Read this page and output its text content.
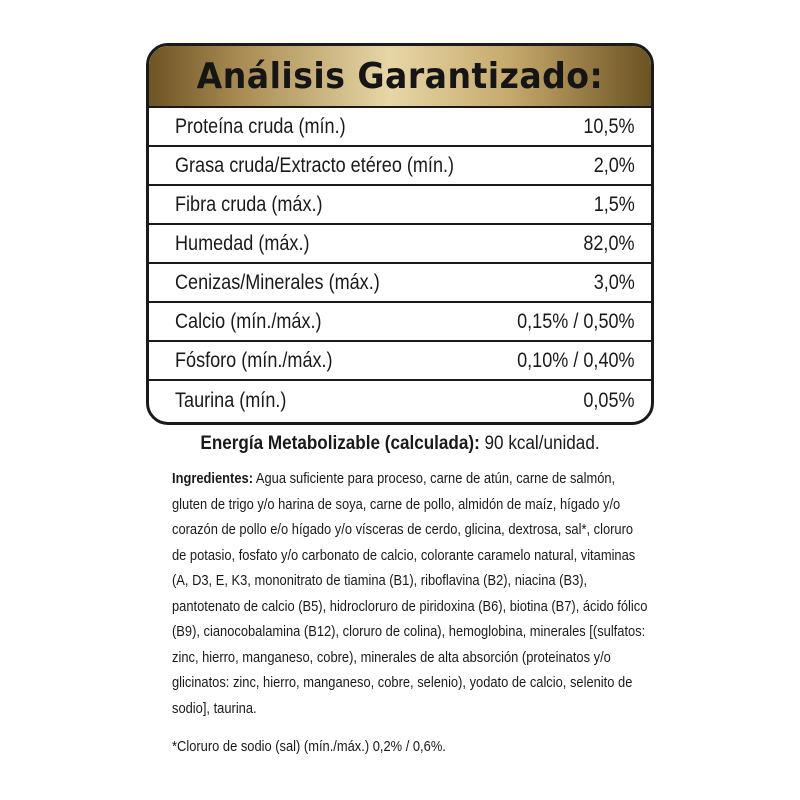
Análisis Garantizado:
Proteína cruda (mín.)	10,5%
Grasa cruda/Extracto etéreo (mín.)	2,0%
Fibra cruda (máx.)	1,5%
Humedad (máx.)	82,0%
Cenizas/Minerales (máx.)	3,0%
Calcio (mín./máx.)	0,15% / 0,50%
Fósforo (mín./máx.)	0,10% / 0,40%
Taurina (mín.)	0,05%
Energía Metabolizable (calculada): 90 kcal/unidad.
Ingredientes: Agua suficiente para proceso, carne de atún, carne de salmón, gluten de trigo y/o harina de soya, carne de pollo, almidón de maíz, hígado y/o corazón de pollo e/o hígado y/o vísceras de cerdo, glicina, dextrosa, sal*, cloruro de potasio, fosfato y/o carbonato de calcio, colorante caramelo natural, vitaminas (A, D3, E, K3, mononitrato de tiamina (B1), riboflavina (B2), niacina (B3), pantotenato de calcio (B5), hidrocloruro de piridoxina (B6), biotina (B7), ácido fólico (B9), cianocobalamina (B12), cloruro de colina), hemoglobina, minerales [(sulfatos: zinc, hierro, manganeso, cobre), minerales de alta absorción (proteinatos y/o glicinatos: zinc, hierro, manganeso, cobre, selenio), yodato de calcio, selenito de sodio], taurina.
*Cloruro de sodio (sal) (mín./máx.) 0,2% / 0,6%.
